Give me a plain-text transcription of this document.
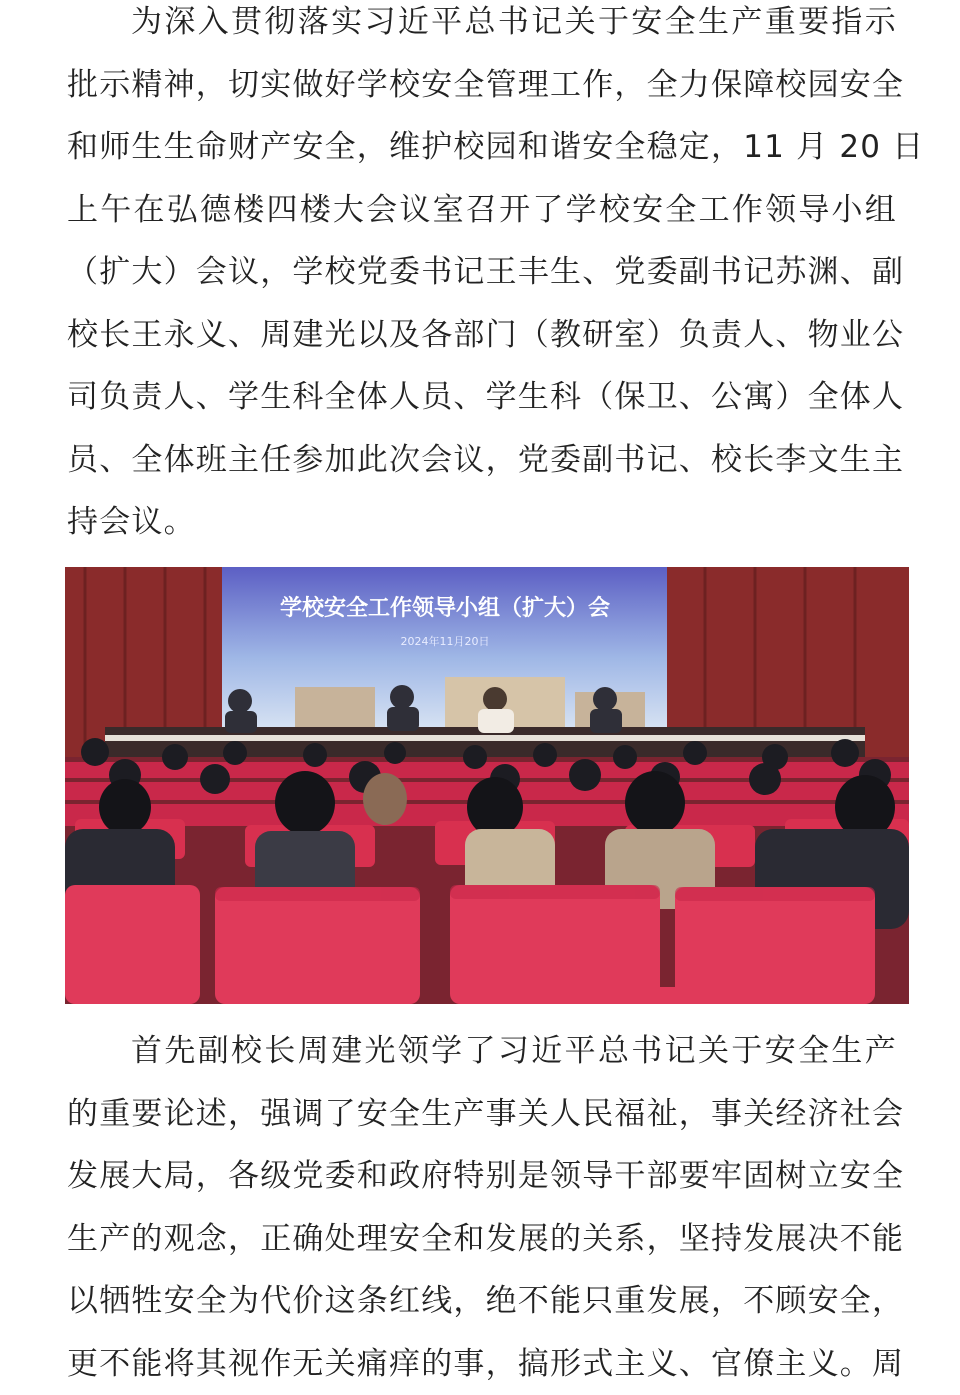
为深入贯彻落实习近平总书记关于安全生产重要指示
批示精神，切实做好学校安全管理工作，全力保障校园安全
和师生生命财产安全，维护校园和谐安全稳定，11 月 20 日
上午在弘德楼四楼大会议室召开了学校安全工作领导小组
（扩大）会议，学校党委书记王丰生、党委副书记苏渊、副
校长王永义、周建光以及各部门（教研室）负责人、物业公
司负责人、学生科全体人员、学生科（保卫、公寓）全体人
员、全体班主任参加此次会议，党委副书记、校长李文生主
持会议。
学校安全工作领导小组（扩大）会
2024年11月20日
首先副校长周建光领学了习近平总书记关于安全生产
的重要论述，强调了安全生产事关人民福祉，事关经济社会
发展大局，各级党委和政府特别是领导干部要牢固树立安全
生产的观念，正确处理安全和发展的关系，坚持发展决不能
以牺牲安全为代价这条红线，绝不能只重发展，不顾安全，
更不能将其视作无关痛痒的事，搞形式主义、官僚主义。周
